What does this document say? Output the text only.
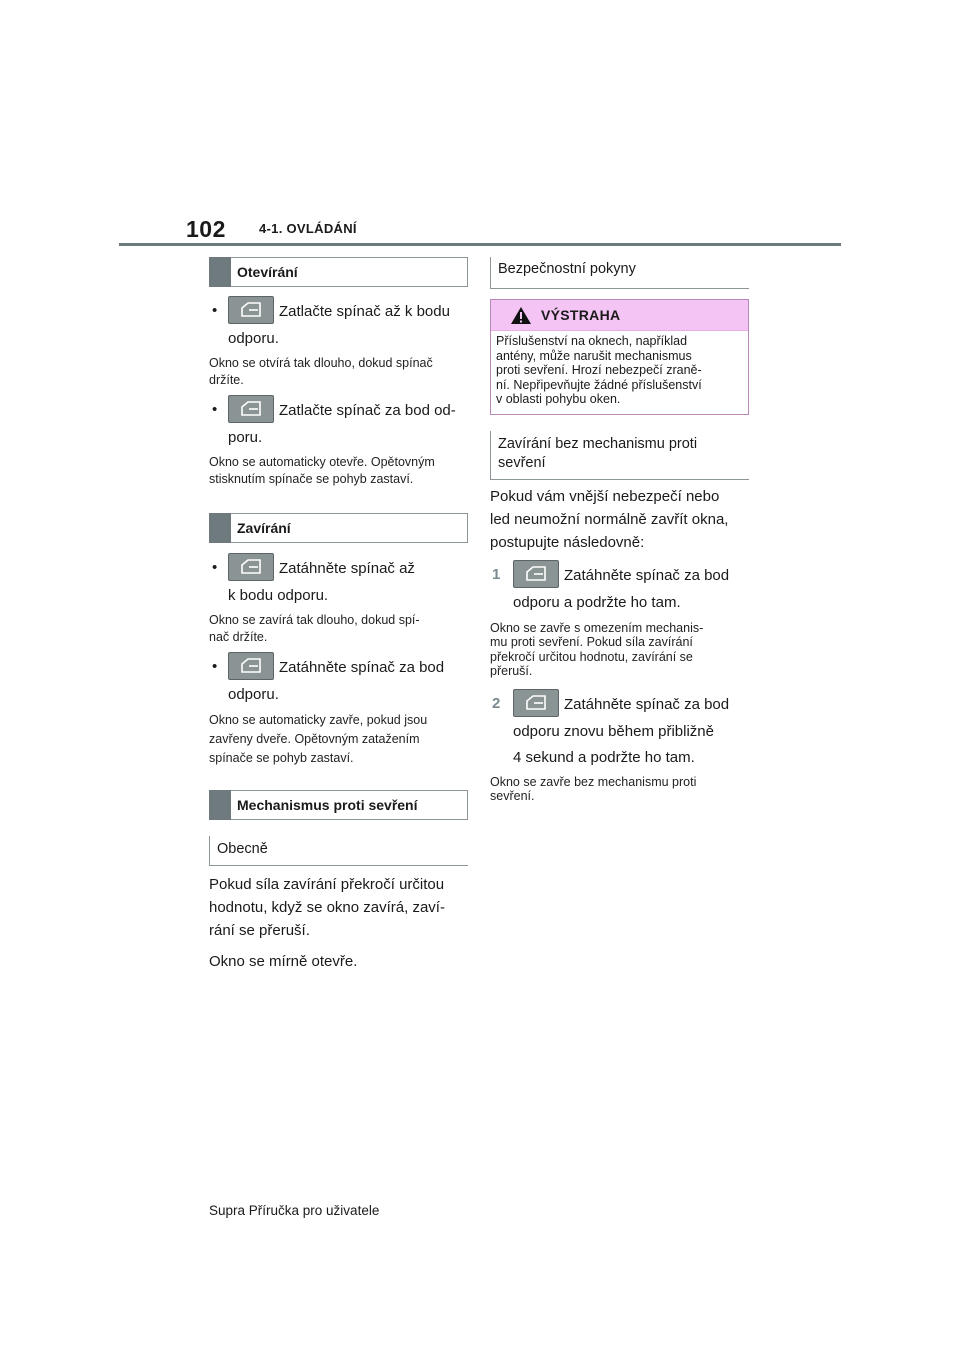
102	4-1. OVLÁDÁNÍ
Otevírání
•	Zatlačte spínač až k bodu
odporu.
Okno se otvírá tak dlouho, dokud spínač
držíte.
•	Zatlačte spínač za bod od-
poru.
Okno se automaticky otevře. Opětovným
stisknutím spínače se pohyb zastaví.
Zavírání
•	Zatáhněte spínač až
k bodu odporu.
Okno se zavírá tak dlouho, dokud spí-
nač držíte.
•	Zatáhněte spínač za bod
odporu.
Okno se automaticky zavře, pokud jsou
zavřeny dveře. Opětovným zatažením
spínače se pohyb zastaví.
Mechanismus proti sevření
Obecně
Pokud síla zavírání překročí určitou
hodnotu, když se okno zavírá, zaví-
rání se přeruší.
Okno se mírně otevře.
Bezpečnostní pokyny
VÝSTRAHA
Příslušenství na oknech, například
antény, může narušit mechanismus
proti sevření. Hrozí nebezpečí zraně-
ní. Nepřipevňujte žádné příslušenství
v oblasti pohybu oken.
Zavírání bez mechanismu proti
sevření
Pokud vám vnější nebezpečí nebo
led neumožní normálně zavřít okna,
postupujte následovně:
1	Zatáhněte spínač za bod
odporu a podržte ho tam.
Okno se zavře s omezením mechanis-
mu proti sevření. Pokud síla zavírání
překročí určitou hodnotu, zavírání se
přeruší.
2	Zatáhněte spínač za bod
odporu znovu během přibližně
4 sekund a podržte ho tam.
Okno se zavře bez mechanismu proti
sevření.
Supra Příručka pro uživatele
